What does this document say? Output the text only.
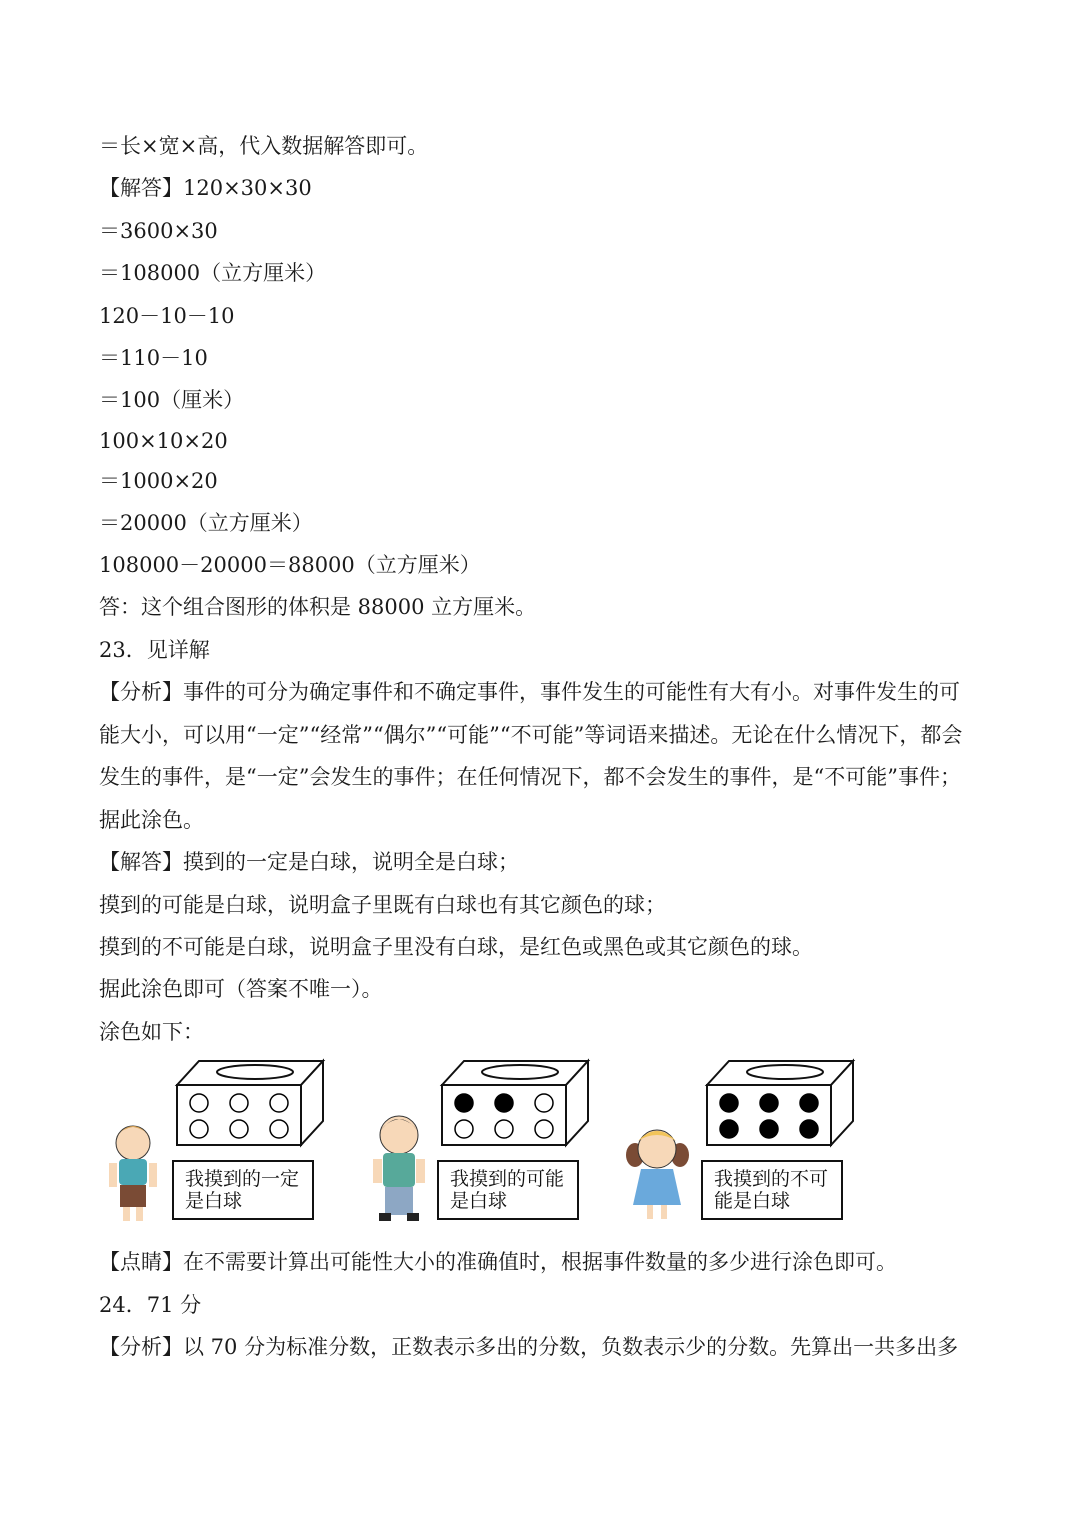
＝长×宽×高，代入数据解答即可。
【解答】120×30×30
＝3600×30
＝108000（立方厘米）
120－10－10
＝110－10
＝100（厘米）
100×10×20
＝1000×20
＝20000（立方厘米）
108000－20000＝88000（立方厘米）
答：这个组合图形的体积是 88000 立方厘米。
23．见详解
【分析】事件的可分为确定事件和不确定事件，事件发生的可能性有大有小。对事件发生的可
能大小，可以用“一定”“经常”“偶尔”“可能”“不可能”等词语来描述。无论在什么情况下，都会
发生的事件，是“一定”会发生的事件；在任何情况下，都不会发生的事件，是“不可能”事件；
据此涂色。
【解答】摸到的一定是白球，说明全是白球；
摸到的可能是白球，说明盒子里既有白球也有其它颜色的球；
摸到的不可能是白球，说明盒子里没有白球，是红色或黑色或其它颜色的球。
据此涂色即可（答案不唯一）。
涂色如下：
我摸到的一定是白球
我摸到的可能是白球
我摸到的不可能是白球
【点睛】在不需要计算出可能性大小的准确值时，根据事件数量的多少进行涂色即可。
24．71 分
【分析】以 70 分为标准分数，正数表示多出的分数，负数表示少的分数。先算出一共多出多
